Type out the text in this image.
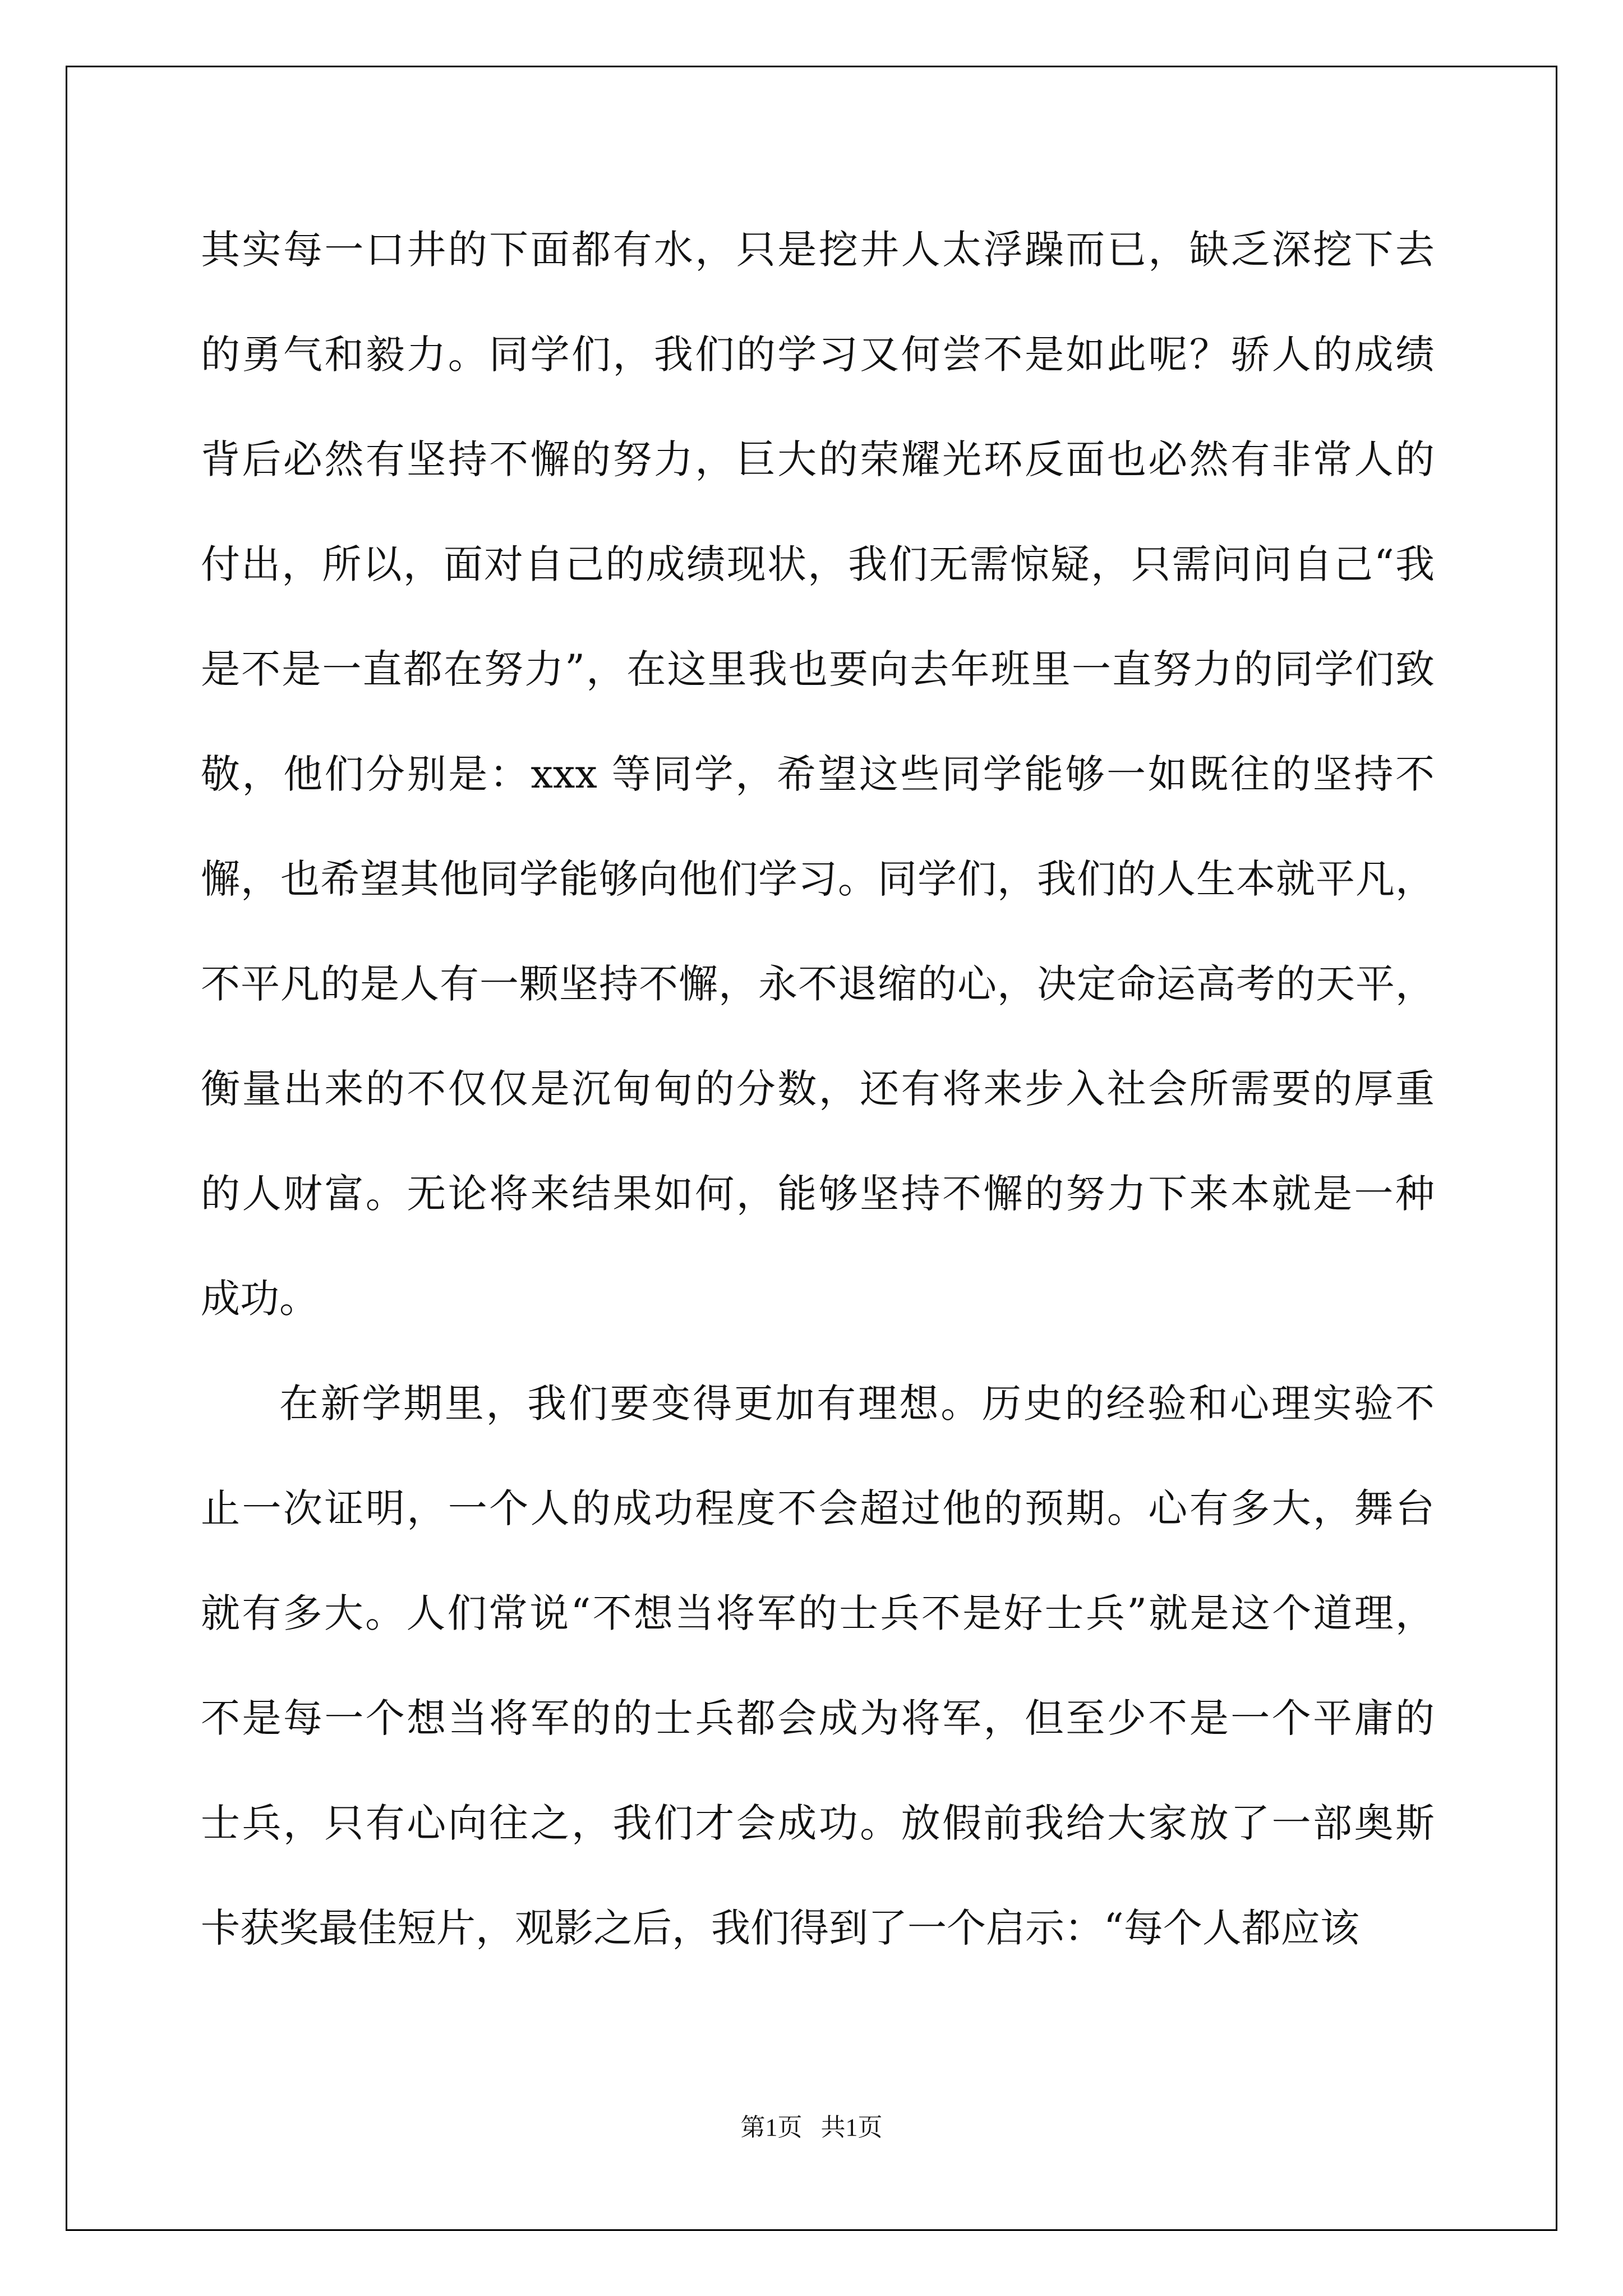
其实每一口井的下面都有水，只是挖井人太浮躁而已，缺乏深挖下去
的勇气和毅力。同学们，我们的学习又何尝不是如此呢？骄人的成绩
背后必然有坚持不懈的努力，巨大的荣耀光环反面也必然有非常人的
付出，所以，面对自己的成绩现状，我们无需惊疑，只需问问自己“我
是不是一直都在努力”，在这里我也要向去年班里一直努力的同学们致
敬，他们分别是：xxx 等同学，希望这些同学能够一如既往的坚持不
懈，也希望其他同学能够向他们学习。同学们，我们的人生本就平凡，
不平凡的是人有一颗坚持不懈，永不退缩的心，决定命运高考的天平，
衡量出来的不仅仅是沉甸甸的分数，还有将来步入社会所需要的厚重
的人财富。无论将来结果如何，能够坚持不懈的努力下来本就是一种
成功。
在新学期里，我们要变得更加有理想。历史的经验和心理实验不
止一次证明，一个人的成功程度不会超过他的预期。心有多大，舞台
就有多大。人们常说“不想当将军的士兵不是好士兵”就是这个道理，
不是每一个想当将军的的士兵都会成为将军，但至少不是一个平庸的
士兵，只有心向往之，我们才会成功。放假前我给大家放了一部奥斯
卡获奖最佳短片，观影之后，我们得到了一个启示：“每个人都应该
第1页   共1页
